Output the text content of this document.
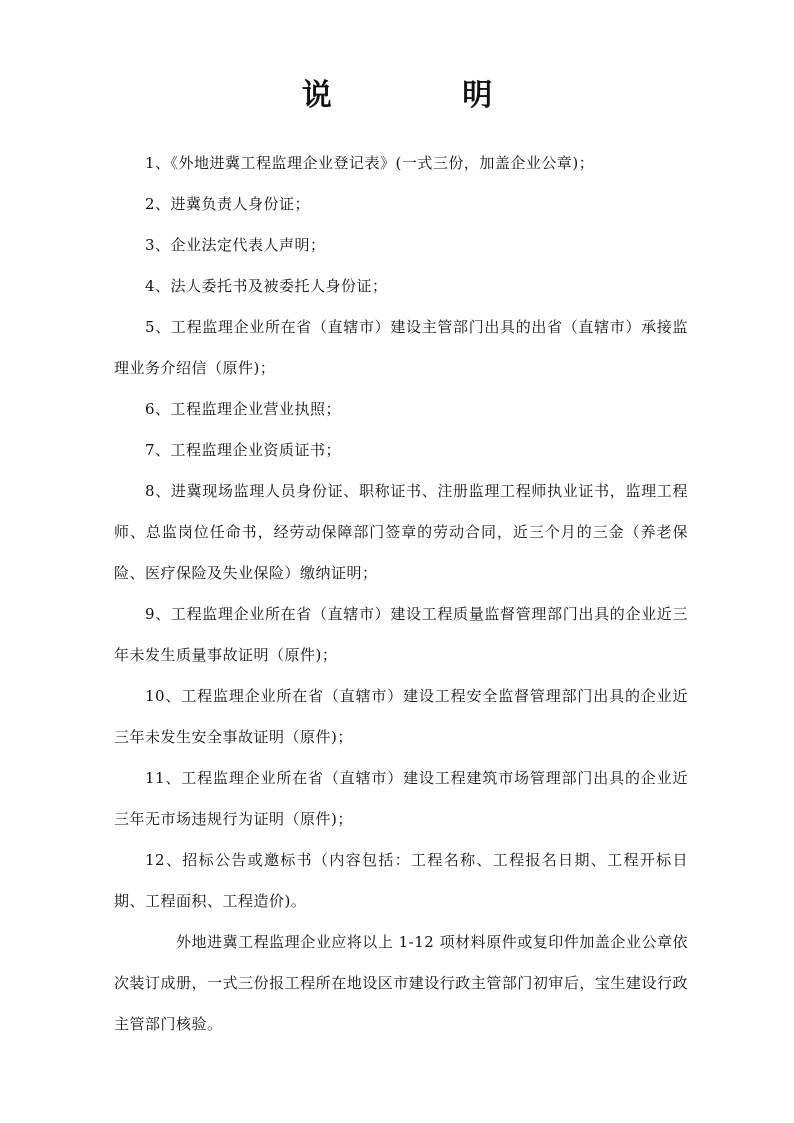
说 明

1、《外地进冀工程监理企业登记表》(一式三份，加盖企业公章)；

2、进冀负责人身份证；

3、企业法定代表人声明；

4、法人委托书及被委托人身份证；

5、工程监理企业所在省（直辖市）建设主管部门出具的出省（直辖市）承接监理业务介绍信（原件)；

6、工程监理企业营业执照；

7、工程监理企业资质证书；

8、进冀现场监理人员身份证、职称证书、注册监理工程师执业证书，监理工程师、总监岗位任命书，经劳动保障部门签章的劳动合同，近三个月的三金（养老保险、医疗保险及失业保险）缴纳证明；

9、工程监理企业所在省（直辖市）建设工程质量监督管理部门出具的企业近三年未发生质量事故证明（原件)；

10、工程监理企业所在省（直辖市）建设工程安全监督管理部门出具的企业近三年未发生安全事故证明（原件)；

11、工程监理企业所在省（直辖市）建设工程建筑市场管理部门出具的企业近三年无市场违规行为证明（原件)；

12、招标公告或邀标书（内容包括：工程名称、工程报名日期、工程开标日期、工程面积、工程造价)。

外地进冀工程监理企业应将以上 1-12 项材料原件或复印件加盖企业公章依次装订成册，一式三份报工程所在地设区市建设行政主管部门初审后，宝生建设行政主管部门核验。
